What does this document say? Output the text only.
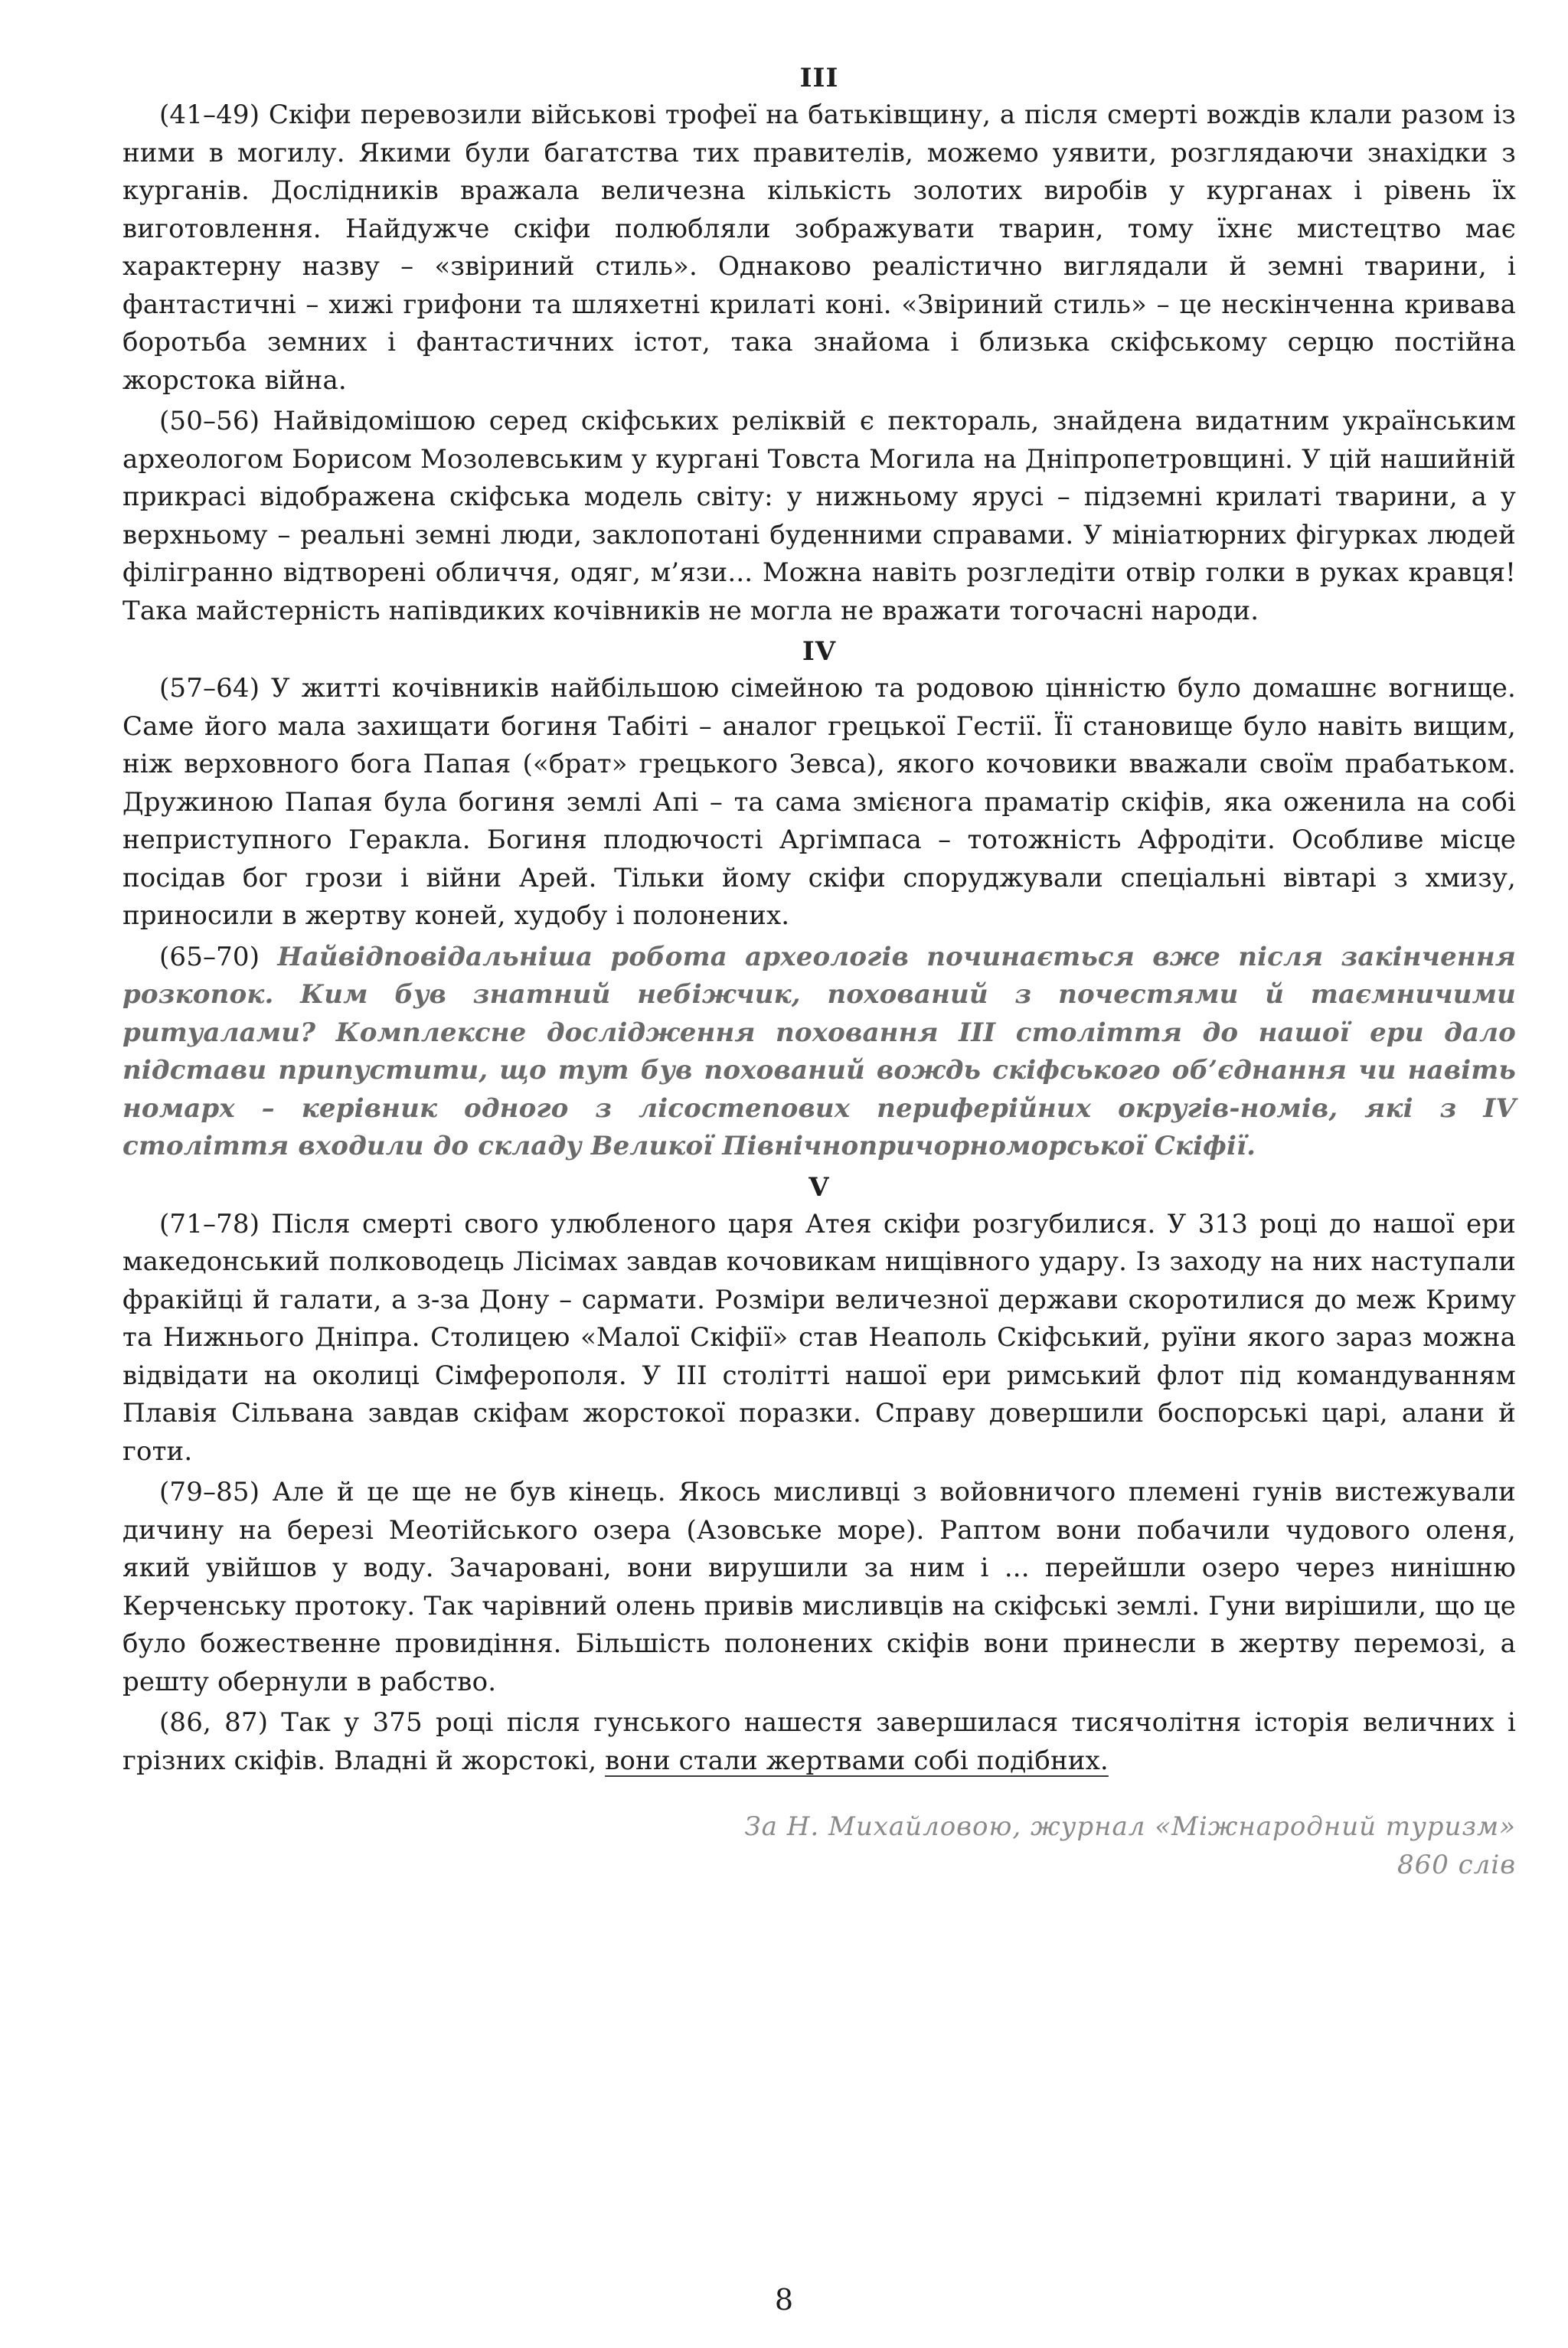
III

(41–49) Скіфи перевозили військові трофеї на батьківщину, а після смерті вождів клали разом із ними в могилу. Якими були багатства тих правителів, можемо уявити, розглядаючи знахідки з курганів. Дослідників вражала величезна кількість золотих виробів у курганах і рівень їх виготовлення. Найдужче скіфи полюбляли зображувати тварин, тому їхнє мистецтво має характерну назву – «звіриний стиль». Однаково реалістично виглядали й земні тварини, і фантастичні – хижі грифони та шляхетні крилаті коні. «Звіриний стиль» – це нескінченна кривава боротьба земних і фантастичних істот, така знайома і близька скіфському серцю постійна жорстока війна.

(50–56) Найвідомішою серед скіфських реліквій є пектораль, знайдена видатним українським археологом Борисом Мозолевським у кургані Товста Могила на Дніпропетровщині. У цій нашийній прикрасі відображена скіфська модель світу: у нижньому ярусі – підземні крилаті тварини, а у верхньому – реальні земні люди, заклопотані буденними справами. У мініатюрних фігурках людей філігранно відтворені обличчя, одяг, м’язи... Можна навіть розгледіти отвір голки в руках кравця! Така майстерність напівдиких кочівників не могла не вражати тогочасні народи.

IV

(57–64) У житті кочівників найбільшою сімейною та родовою цінністю було домашнє вогнище. Саме його мала захищати богиня Табіті – аналог грецької Гестії. Її становище було навіть вищим, ніж верховного бога Папая («брат» грецького Зевса), якого кочовики вважали своїм прабатьком. Дружиною Папая була богиня землі Апі – та сама змієнога праматір скіфів, яка оженила на собі неприступного Геракла. Богиня плодючості Аргімпаса – тотожність Афродіти. Особливе місце посідав бог грози і війни Арей. Тільки йому скіфи споруджували спеціальні вівтарі з хмизу, приносили в жертву коней, худобу і полонених.

(65–70) Найвідповідальніша робота археологів починається вже після закінчення розкопок. Ким був знатний небіжчик, похований з почестями й таємничими ритуалами? Комплексне дослідження поховання III століття до нашої ери дало підстави припустити, що тут був похований вождь скіфського об’єднання чи навіть номарх – керівник одного з лісостепових периферійних округів-номів, які з IV століття входили до складу Великої Північнопричорноморської Скіфії.

V

(71–78) Після смерті свого улюбленого царя Атея скіфи розгубилися. У 313 році до нашої ери македонський полководець Лісімах завдав кочовикам нищівного удару. Із заходу на них наступали фракійці й галати, а з-за Дону – сармати. Розміри величезної держави скоротилися до меж Криму та Нижнього Дніпра. Столицею «Малої Скіфії» став Неаполь Скіфський, руїни якого зараз можна відвідати на околиці Сімферополя. У III столітті нашої ери римський флот під командуванням Плавія Сільвана завдав скіфам жорстокої поразки. Справу довершили боспорські царі, алани й готи.

(79–85) Але й це ще не був кінець. Якось мисливці з войовничого племені гунів вистежували дичину на березі Меотійського озера (Азовське море). Раптом вони побачили чудового оленя, який увійшов у воду. Зачаровані, вони вирушили за ним і ... перейшли озеро через нинішню Керченську протоку. Так чарівний олень привів мисливців на скіфські землі. Гуни вирішили, що це було божественне провидіння. Більшість полонених скіфів вони принесли в жертву перемозі, а решту обернули в рабство.

(86, 87) Так у 375 році після гунського нашестя завершилася тисячолітня історія величних і грізних скіфів. Владні й жорстокі, вони стали жертвами собі подібних.

За Н. Михайловою, журнал «Міжнародний туризм»
860 слів
8
